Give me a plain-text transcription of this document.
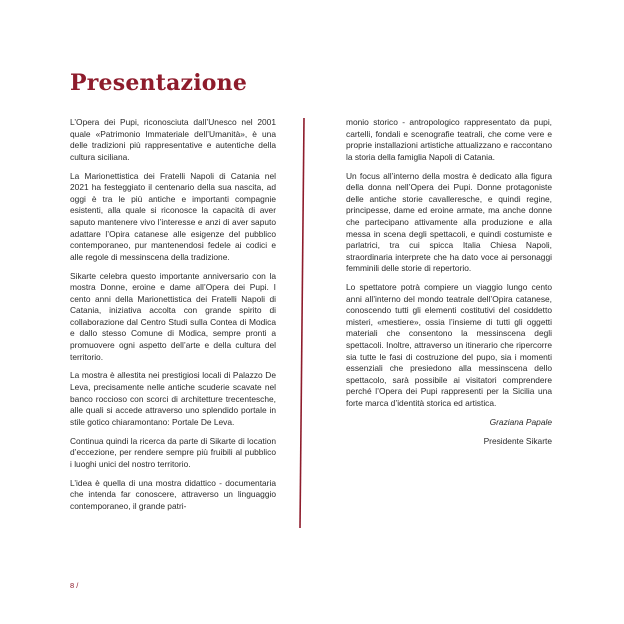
Presentazione

L’Opera dei Pupi, riconosciuta dall’Unesco nel 2001 quale «Patrimonio Immateriale dell’Umanità», è una delle tradizioni più rappresentative e autentiche della cultura siciliana.

La Marionettistica dei Fratelli Napoli di Catania nel 2021 ha festeggiato il centenario della sua nascita, ad oggi è tra le più antiche e importanti compagnie esistenti, alla quale si riconosce la capacità di aver saputo mantenere vivo l’interesse e anzi di aver saputo adattare l’Opira catanese alle esigenze del pubblico contemporaneo, pur mantenendosi fedele ai codici e alle regole di messinscena della tradizione.

Sikarte celebra questo importante anniversario con la mostra Donne, eroine e dame all’Opera dei Pupi. I cento anni della Marionettistica dei Fratelli Napoli di Catania, iniziativa accolta con grande spirito di collaborazione dal Centro Studi sulla Contea di Modica e dallo stesso Comune di Modica, sempre pronti a promuovere ogni aspetto dell’arte e della cultura del territorio.

La mostra è allestita nei prestigiosi locali di Palazzo De Leva, precisamente nelle antiche scuderie scavate nel banco roccioso con scorci di architetture trecentesche, alle quali si accede attraverso uno splendido portale in stile gotico chiaramontano: Portale De Leva.

Continua quindi la ricerca da parte di Sikarte di location d’eccezione, per rendere sempre più fruibili al pubblico i luoghi unici del nostro territorio.

L’idea è quella di una mostra didattico - documentaria che intenda far conoscere, attraverso un linguaggio contemporaneo, il grande patri-

monio storico - antropologico rappresentato da pupi, cartelli, fondali e scenografie teatrali, che come vere e proprie installazioni artistiche attualizzano e raccontano la storia della famiglia Napoli di Catania.

Un focus all’interno della mostra è dedicato alla figura della donna nell’Opera dei Pupi. Donne protagoniste delle antiche storie cavalleresche, e quindi regine, principesse, dame ed eroine armate, ma anche donne che partecipano attivamente alla produzione e alla messa in scena degli spettacoli, e quindi costumiste e parlatrici, tra cui spicca Italia Chiesa Napoli, straordinaria interprete che ha dato voce ai personaggi femminili delle storie di repertorio.

Lo spettatore potrà compiere un viaggio lungo cento anni all’interno del mondo teatrale dell’Opira catanese, conoscendo tutti gli elementi costitutivi del cosiddetto misteri, «mestiere», ossia l’insieme di tutti gli oggetti materiali che consentono la messinscena degli spettacoli. Inoltre, attraverso un itinerario che ripercorre sia tutte le fasi di costruzione del pupo, sia i momenti essenziali che presiedono alla messinscena dello spettacolo, sarà possibile ai visitatori comprendere perché l’Opera dei Pupi rappresenti per la Sicilia una forte marca d’identità storica ed artistica.

Graziana Papale

Presidente Sikarte

8 /
